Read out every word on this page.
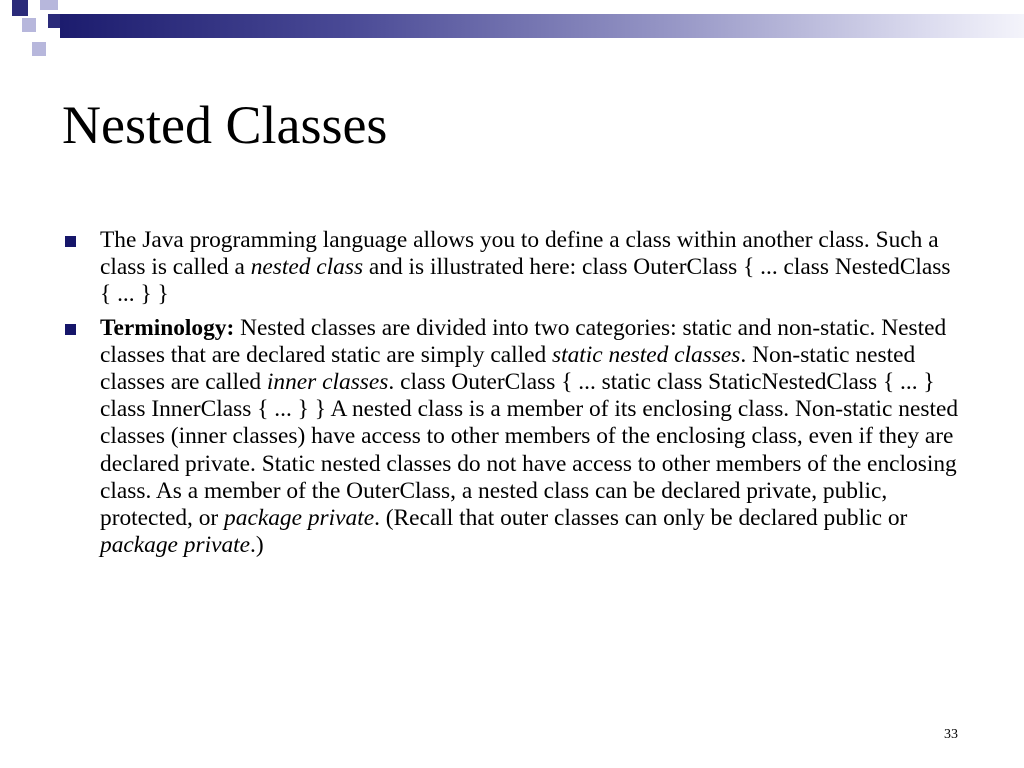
Nested Classes
The Java programming language allows you to define a class within another class. Such a class is called a nested class and is illustrated here: class OuterClass { ... class NestedClass { ... } }
Terminology: Nested classes are divided into two categories: static and non-static. Nested classes that are declared static are simply called static nested classes. Non-static nested classes are called inner classes. class OuterClass { ... static class StaticNestedClass { ... } class InnerClass { ... } } A nested class is a member of its enclosing class. Non-static nested classes (inner classes) have access to other members of the enclosing class, even if they are declared private. Static nested classes do not have access to other members of the enclosing class. As a member of the OuterClass, a nested class can be declared private, public, protected, or package private. (Recall that outer classes can only be declared public or package private.)
33
